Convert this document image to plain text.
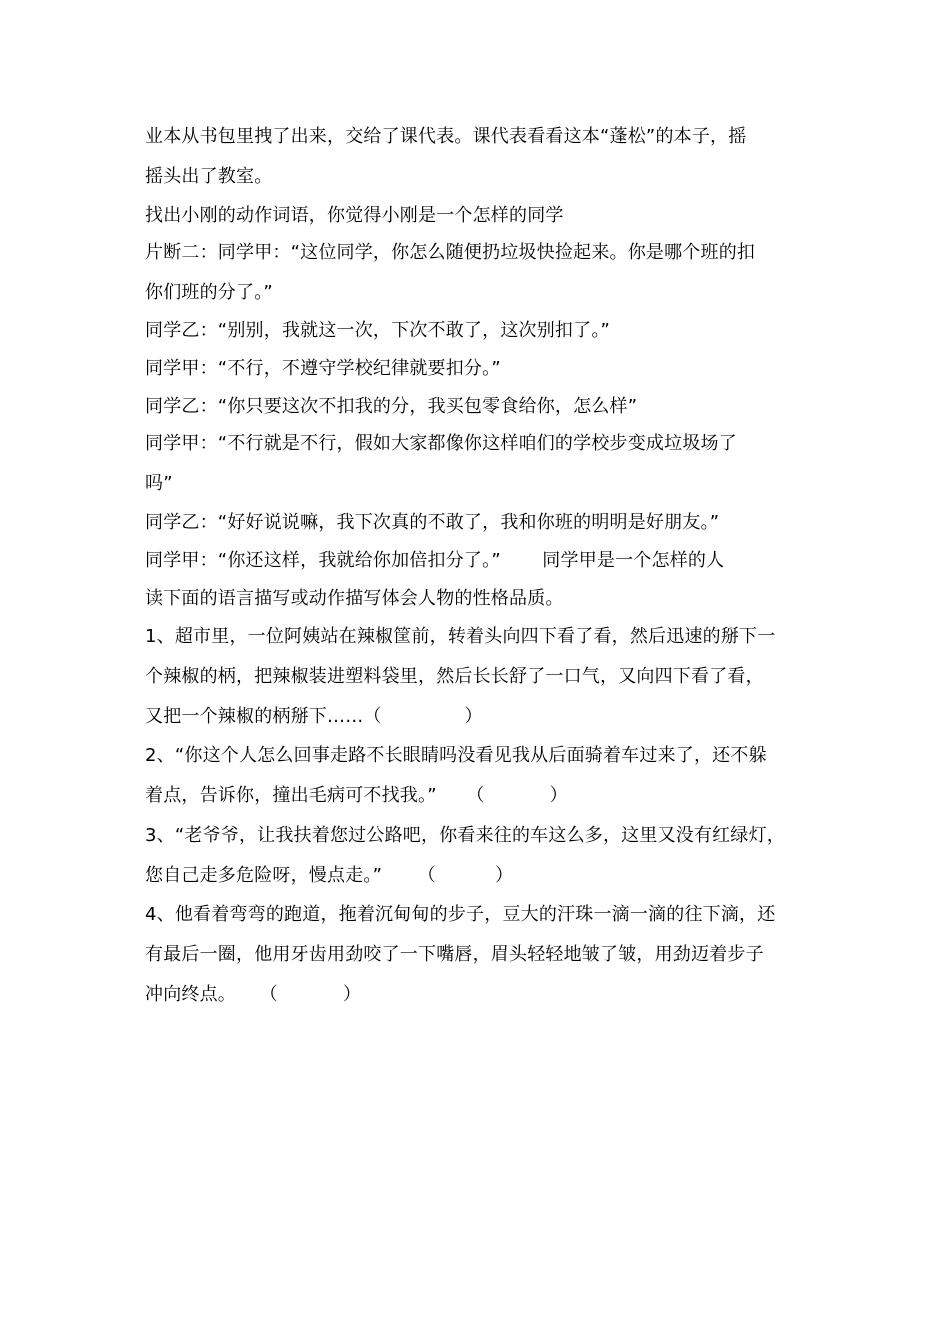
业本从书包里拽了出来，交给了课代表。课代表看看这本“蓬松”的本子，摇
摇头出了教室。
找出小刚的动作词语，你觉得小刚是一个怎样的同学
片断二：同学甲：“这位同学，你怎么随便扔垃圾快捡起来。你是哪个班的扣
你们班的分了。”
同学乙：“别别，我就这一次，下次不敢了，这次别扣了。”
同学甲：“不行，不遵守学校纪律就要扣分。”
同学乙：“你只要这次不扣我的分，我买包零食给你，怎么样”
同学甲：“不行就是不行，假如大家都像你这样咱们的学校步变成垃圾场了
吗”
同学乙：“好好说说嘛，我下次真的不敢了，我和你班的明明是好朋友。”
同学甲：“你还这样，我就给你加倍扣分了。”       同学甲是一个怎样的人
读下面的语言描写或动作描写体会人物的性格品质。
1、超市里，一位阿姨站在辣椒筐前，转着头向四下看了看，然后迅速的掰下一
个辣椒的柄，把辣椒装进塑料袋里，然后长长舒了一口气，又向四下看了看，
又把一个辣椒的柄掰下……（              ）
2、“你这个人怎么回事走路不长眼睛吗没看见我从后面骑着车过来了，还不躲
着点，告诉你，撞出毛病可不找我。”     （           ）
3、“老爷爷，让我扶着您过公路吧，你看来往的车这么多，这里又没有红绿灯，
您自己走多危险呀，慢点走。”      （          ）
4、他看着弯弯的跑道，拖着沉甸甸的步子，豆大的汗珠一滴一滴的往下滴，还
有最后一圈，他用牙齿用劲咬了一下嘴唇，眉头轻轻地皱了皱，用劲迈着步子
冲向终点。    （           ）
